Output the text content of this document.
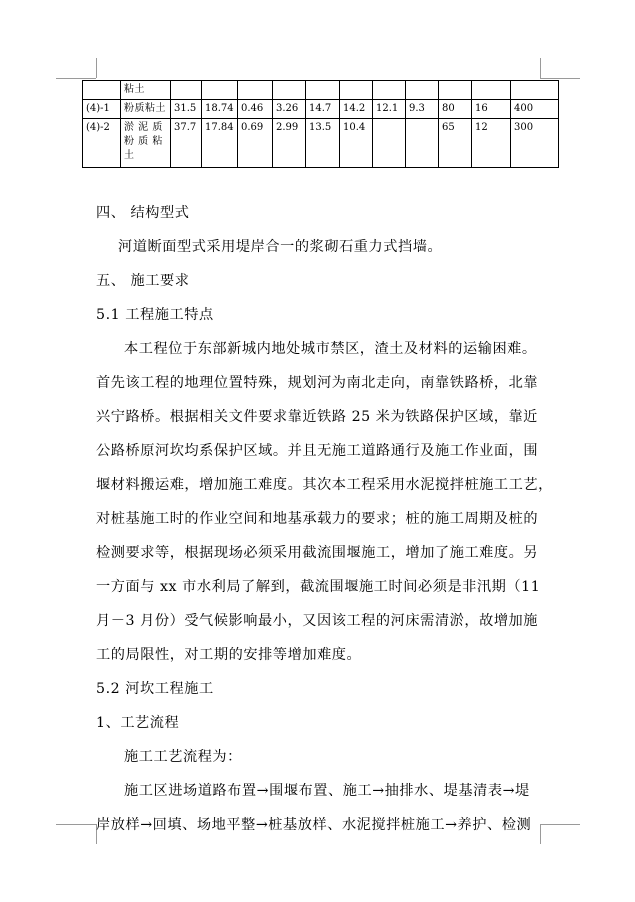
	粘土											
(4)-1	粉质粘土	31.5	18.74	0.46	3.26	14.7	14.2	12.1	9.3	80	16	400
(4)-2	淤 泥 质
粉 质 粘
土	37.7	17.84	0.69	2.99	13.5	10.4			65	12	300
四、 结构型式
河道断面型式采用堤岸合一的浆砌石重力式挡墙。
五、 施工要求
5.1 工程施工特点
本工程位于东部新城内地处城市禁区，渣土及材料的运输困难。
首先该工程的地理位置特殊，规划河为南北走向，南靠铁路桥，北靠
兴宁路桥。根据相关文件要求靠近铁路 25 米为铁路保护区域，靠近
公路桥原河坎均系保护区域。并且无施工道路通行及施工作业面，围
堰材料搬运难，增加施工难度。其次本工程采用水泥搅拌桩施工工艺，
对桩基施工时的作业空间和地基承载力的要求；桩的施工周期及桩的
检测要求等，根据现场必须采用截流围堰施工，增加了施工难度。另
一方面与 xx 市水利局了解到，截流围堰施工时间必须是非汛期（11
月－3 月份）受气候影响最小，又因该工程的河床需清淤，故增加施
工的局限性，对工期的安排等增加难度。
5.2 河坎工程施工
1、工艺流程
施工工艺流程为：
施工区进场道路布置→围堰布置、施工→抽排水、堤基清表→堤
岸放样→回填、场地平整→桩基放样、水泥搅拌桩施工→养护、检测
